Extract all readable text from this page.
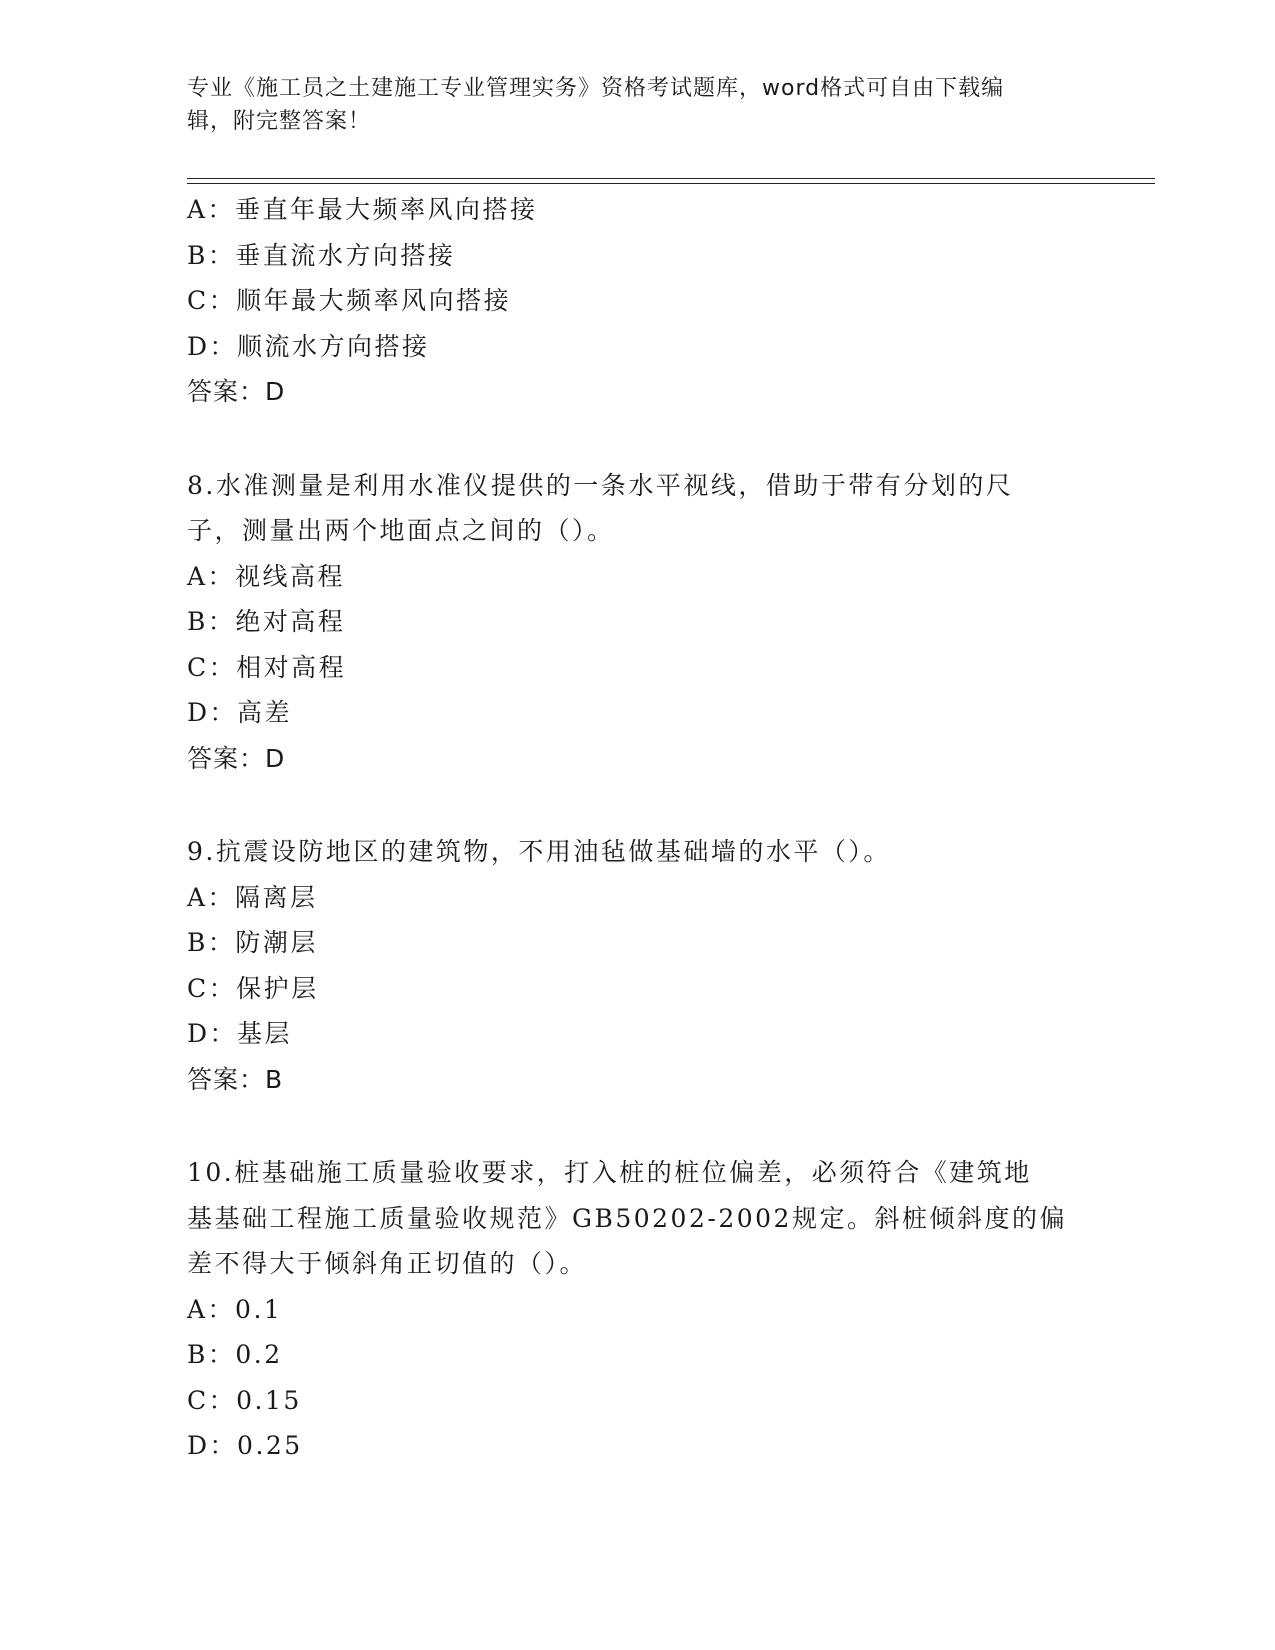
专业《施工员之土建施工专业管理实务》资格考试题库，word格式可自由下载编
辑，附完整答案！
A：垂直年最大频率风向搭接
B：垂直流水方向搭接
C：顺年最大频率风向搭接
D：顺流水方向搭接
答案：D
8.水准测量是利用水准仪提供的一条水平视线，借助于带有分划的尺
子，测量出两个地面点之间的（）。
A：视线高程
B：绝对高程
C：相对高程
D：高差
答案：D
9.抗震设防地区的建筑物，不用油毡做基础墙的水平（）。
A：隔离层
B：防潮层
C：保护层
D：基层
答案：B
10.桩基础施工质量验收要求，打入桩的桩位偏差，必须符合《建筑地
基基础工程施工质量验收规范》GB50202-2002规定。斜桩倾斜度的偏
差不得大于倾斜角正切值的（）。
A：0.1
B：0.2
C：0.15
D：0.25
